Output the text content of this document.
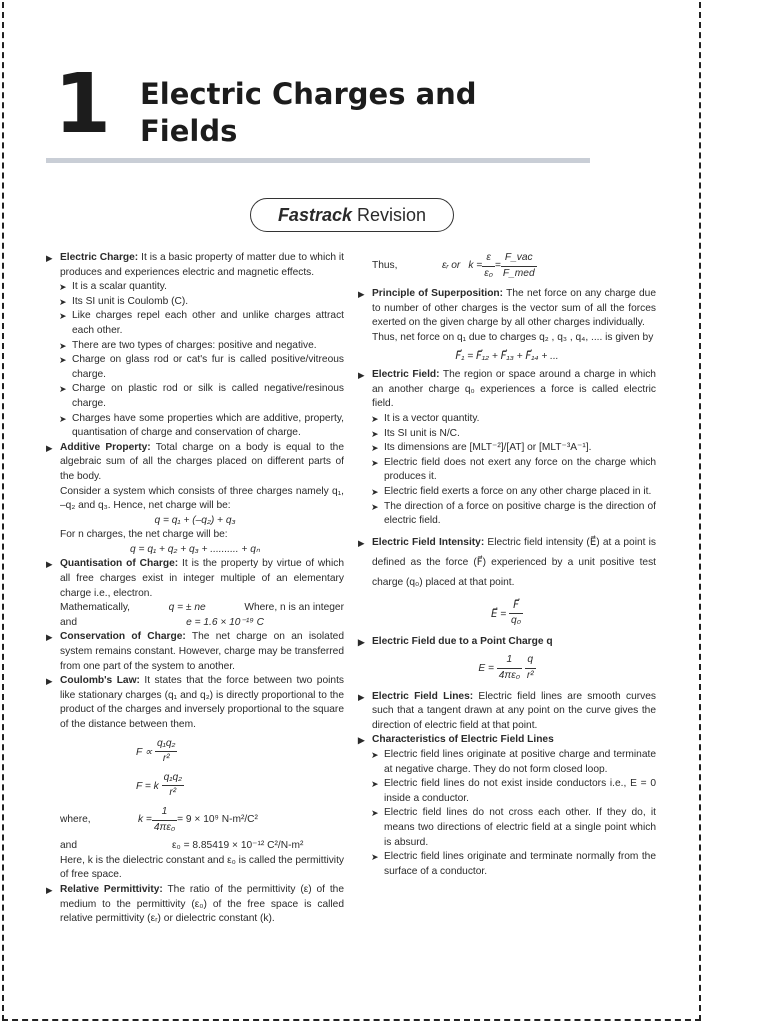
1 Electric Charges and
Fields
Fastrack Revision

▶ Electric Charge: It is a basic property of matter due to which it produces and experiences electric and magnetic effects.

➤ It is a scalar quantity.

➤ Its SI unit is Coulomb (C).

➤ Like charges repel each other and unlike charges attract each other.

➤ There are two types of charges: positive and negative.

➤ Charge on glass rod or cat's fur is called positive/vitreous charge.

➤ Charge on plastic rod or silk is called negative/resinous charge.

➤ Charges have some properties which are additive, property, quantisation of charge and conservation of charge.

▶ Additive Property: Total charge on a body is equal to the algebraic sum of all the charges placed on different parts of the body.

Consider a system which consists of three charges namely q₁, –q₂ and q₃. Hence, net charge will be:

q = q₁ + (–q₂) + q₃

For n charges, the net charge will be:

q = q₁ + q₂ + q₃ + .......... + qₙ

▶ Quantisation of Charge: It is the property by virtue of which all free charges exist in integer multiple of an elementary charge i.e., electron.

Mathematically,	q = ± ne	Where, n is an integer
and	e = 1.6 × 10⁻¹⁹ C

▶ Conservation of Charge: The net charge on an isolated system remains constant. However, charge may be transferred from one part of the system to another.

▶ Coulomb's Law: It states that the force between two points like stationary charges (q₁ and q₂) is directly proportional to the product of the charges and inversely proportional to the square of the distance between them.

$F \propto \frac{\text{q₁q₂}}{\text{r²}}$
F = k $\frac{\text{q₁q₂}}{\text{r²}}$
where,	$k = \frac{1}{\text{4πε₀}} = 9 \times 10^9$ N-m²/C²
and	ε₀ = 8.85419 × 10⁻¹² C²/N-m²

Here, k is the dielectric constant and ε₀ is called the permittivity of free space.

▶ Relative Permittivity: The ratio of the permittivity (ε) of the medium to the permittivity (ε₀) of the free space is called relative permittivity (εᵣ) or dielectric constant (k).

Thus,	εᵣ or $k = \frac{\varepsilon}{\text{ε₀}} = \frac{\text{F\_vac}}{\text{F\_med}}$

▶ Principle of Superposition: The net force on any charge due to number of other charges is the vector sum of all the forces exerted on the given charge by all other charges individually.

Thus, net force on q₁ due to charges q₂ , q₃ , q₄, .... is given by

F⃗₁ = F⃗₁₂ + F⃗₁₃ + F⃗₁₄ + ...

▶ Electric Field: The region or space around a charge in which an another charge q₀ experiences a force is called electric field.

➤ It is a vector quantity.

➤ Its SI unit is N/C.

➤ Its dimensions are [MLT⁻²]/[AT] or [MLT⁻³A⁻¹].

➤ Electric field does not exert any force on the charge which produces it.

➤ Electric field exerts a force on any other charge placed in it.

➤ The direction of a force on positive charge is the direction of electric field.

▶ Electric Field Intensity: Electric field intensity (E⃗) at a point is defined as the force (F⃗) experienced by a unit positive test charge (q₀) placed at that point.

E⃗ = $\frac{F⃗}{\text{q₀}}$

▶ Electric Field due to a Point Charge q

$E = \frac{1}{\text{4πε₀}}$
$\frac{q}{\text{r²}}$

▶ Electric Field Lines: Electric field lines are smooth curves such that a tangent drawn at any point on the curve gives the direction of electric field at that point.

▶ Characteristics of Electric Field Lines

➤ Electric field lines originate at positive charge and terminate at negative charge. They do not form closed loop.

➤ Electric field lines do not exist inside conductors i.e., E = 0 inside a conductor.

➤ Electric field lines do not cross each other. If they do, it means two directions of electric field at a single point which is absurd.

➤ Electric field lines originate and terminate normally from the surface of a conductor.
